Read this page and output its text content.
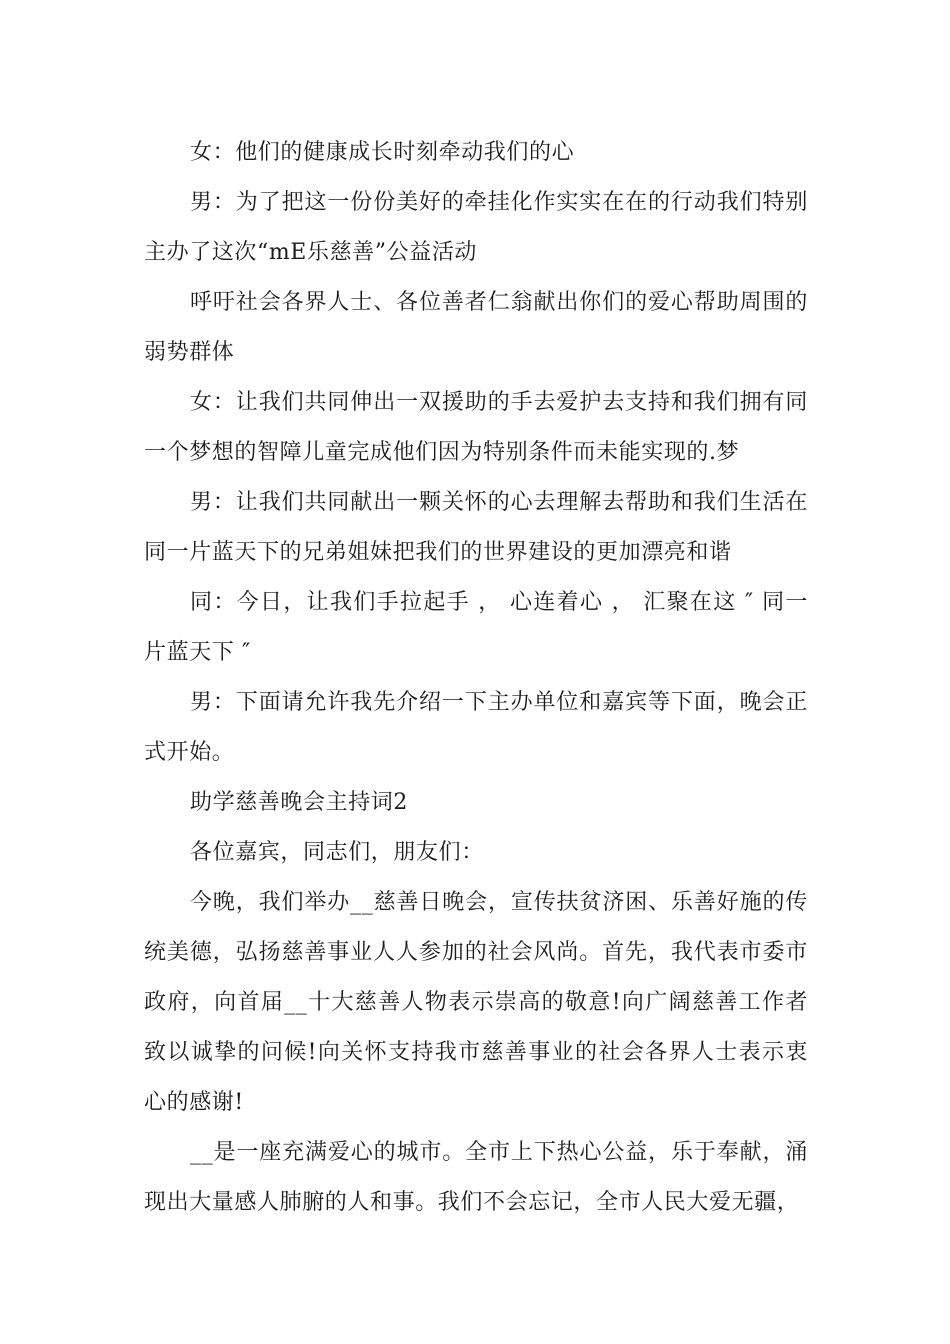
女：他们的健康成长时刻牵动我们的心

男：为了把这一份份美好的牵挂化作实实在在的行动我们特别主办了这次“mE乐慈善”公益活动

呼吁社会各界人士、各位善者仁翁献出你们的爱心帮助周围的弱势群体

女：让我们共同伸出一双援助的手去爱护去支持和我们拥有同一个梦想的智障儿童完成他们因为特别条件而未能实现的.梦

男：让我们共同献出一颗关怀的心去理解去帮助和我们生活在同一片蓝天下的兄弟姐妹把我们的世界建设的更加漂亮和谐

同：今日，让我们手拉起手 ， 心连着心 ， 汇聚在这 ″ 同一片蓝天下 ″

男：下面请允许我先介绍一下主办单位和嘉宾等下面，晚会正式开始。

助学慈善晚会主持词2

各位嘉宾，同志们，朋友们：

今晚，我们举办__慈善日晚会，宣传扶贫济困、乐善好施的传统美德，弘扬慈善事业人人参加的社会风尚。首先，我代表市委市政府，向首届__十大慈善人物表示崇高的敬意!向广阔慈善工作者致以诚挚的问候!向关怀支持我市慈善事业的社会各界人士表示衷心的感谢!

__是一座充满爱心的城市。全市上下热心公益，乐于奉献，涌现出大量感人肺腑的人和事。我们不会忘记，全市人民大爱无疆，
